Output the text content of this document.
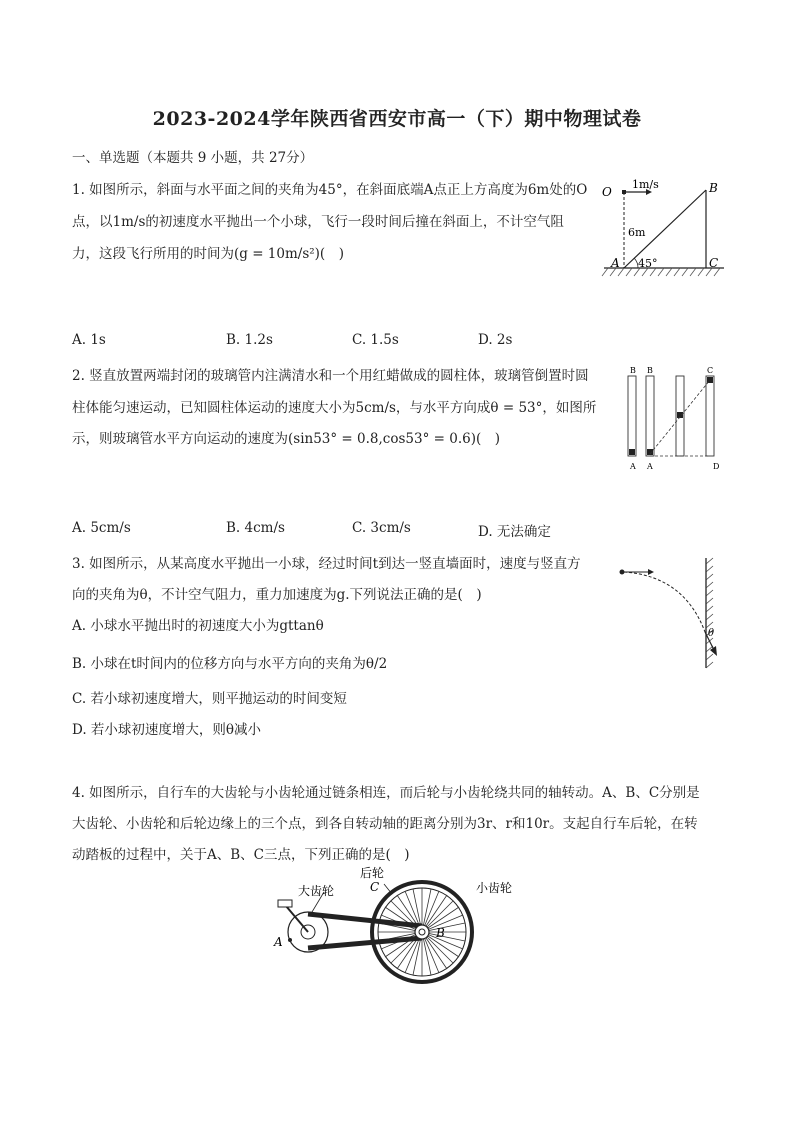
2023-2024学年陕西省西安市高一（下）期中物理试卷
一、单选题（本题共 9 小题，共 27分）
1. 如图所示，斜面与水平面之间的夹角为45°，在斜面底端A点正上方高度为6m处的O
点，以1m/s的初速度水平抛出一个小球，飞行一段时间后撞在斜面上，不计空气阻
力，这段飞行所用的时间为(g = 10m/s²)(　)
O
1m/s	B
6m
A 45°	C
A. 1s	B. 1.2s	C. 1.5s	D. 2s
2. 竖直放置两端封闭的玻璃管内注满清水和一个用红蜡做成的圆柱体，玻璃管倒置时圆
柱体能匀速运动，已知圆柱体运动的速度大小为5cm/s，与水平方向成θ = 53°，如图所
示，则玻璃管水平方向运动的速度为(sin53° = 0.8,cos53° = 0.6)(　)
B B	C
A A	D
A. 5cm/s	B. 4cm/s	C. 3cm/s	D. 无法确定
3. 如图所示，从某高度水平抛出一小球，经过时间t到达一竖直墙面时，速度与竖直方
向的夹角为θ，不计空气阻力，重力加速度为g.下列说法正确的是(　)
A. 小球水平抛出时的初速度大小为gttanθ
B. 小球在t时间内的位移方向与水平方向的夹角为θ/2
C. 若小球初速度增大，则平抛运动的时间变短
D. 若小球初速度增大，则θ减小
θ
4. 如图所示，自行车的大齿轮与小齿轮通过链条相连，而后轮与小齿轮绕共同的轴转动。A、B、C分别是
大齿轮、小齿轮和后轮边缘上的三个点，到各自转动轴的距离分别为3r、r和10r。支起自行车后轮，在转
动踏板的过程中，关于A、B、C三点，下列正确的是(　)
大齿轮
后轮
C	小齿轮
A
B
